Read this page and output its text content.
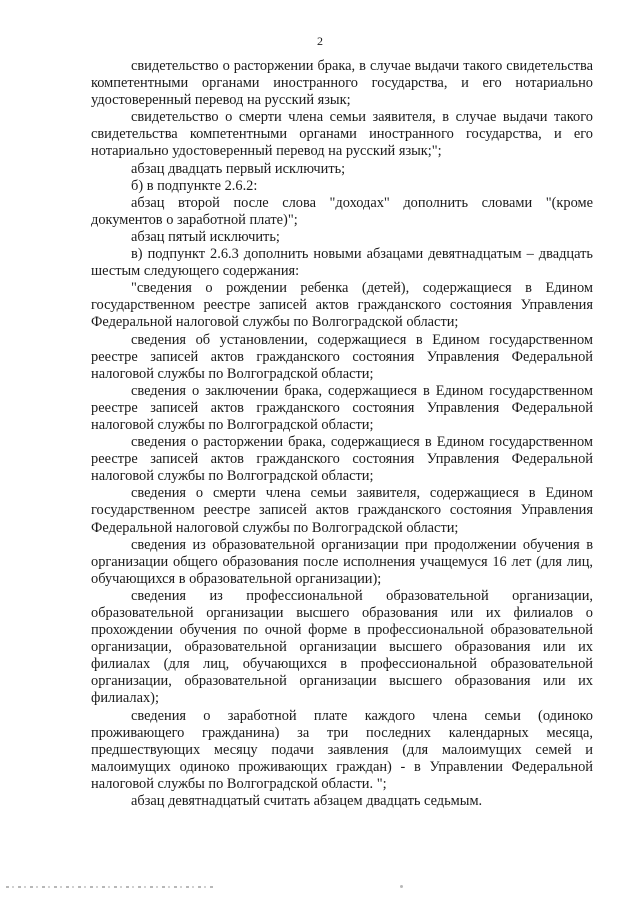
2

свидетельство о расторжении брака, в случае выдачи такого свидетельства компетентными органами иностранного государства, и его нотариально удостоверенный перевод на русский язык;

свидетельство о смерти члена семьи заявителя, в случае выдачи такого свидетельства компетентными органами иностранного государства, и его нотариально удостоверенный перевод на русский язык;";

абзац двадцать первый исключить;

б) в подпункте 2.6.2:

абзац второй после слова "доходах" дополнить словами "(кроме документов о заработной плате)";

абзац пятый исключить;

в) подпункт 2.6.3 дополнить новыми абзацами девятнадцатым – двадцать шестым следующего содержания:

"сведения о рождении ребенка (детей), содержащиеся в Едином государственном реестре записей актов гражданского состояния Управления Федеральной налоговой службы по Волгоградской области;

сведения об установлении, содержащиеся в Едином государственном реестре записей актов гражданского состояния Управления Федеральной налоговой службы по Волгоградской области;

сведения о заключении брака, содержащиеся в Едином государственном реестре записей актов гражданского состояния Управления Федеральной налоговой службы по Волгоградской области;

сведения о расторжении брака, содержащиеся в Едином государственном реестре записей актов гражданского состояния Управления Федеральной налоговой службы по Волгоградской области;

сведения о смерти члена семьи заявителя, содержащиеся в Едином государственном реестре записей актов гражданского состояния Управления Федеральной налоговой службы по Волгоградской области;

сведения из образовательной организации при продолжении обучения в организации общего образования после исполнения учащемуся 16 лет (для лиц, обучающихся в образовательной организации);

сведения из профессиональной образовательной организации, образовательной организации высшего образования или их филиалов о прохождении обучения по очной форме в профессиональной образовательной организации, образовательной организации высшего образования или их филиалах (для лиц, обучающихся в профессиональной образовательной организации, образовательной организации высшего образования или их филиалах);

сведения о заработной плате каждого члена семьи (одиноко проживающего гражданина) за три последних календарных месяца, предшествующих месяцу подачи заявления (для малоимущих семей и малоимущих одиноко проживающих граждан) - в Управлении Федеральной налоговой службы по Волгоградской области. ";

абзац девятнадцатый считать абзацем двадцать седьмым.
